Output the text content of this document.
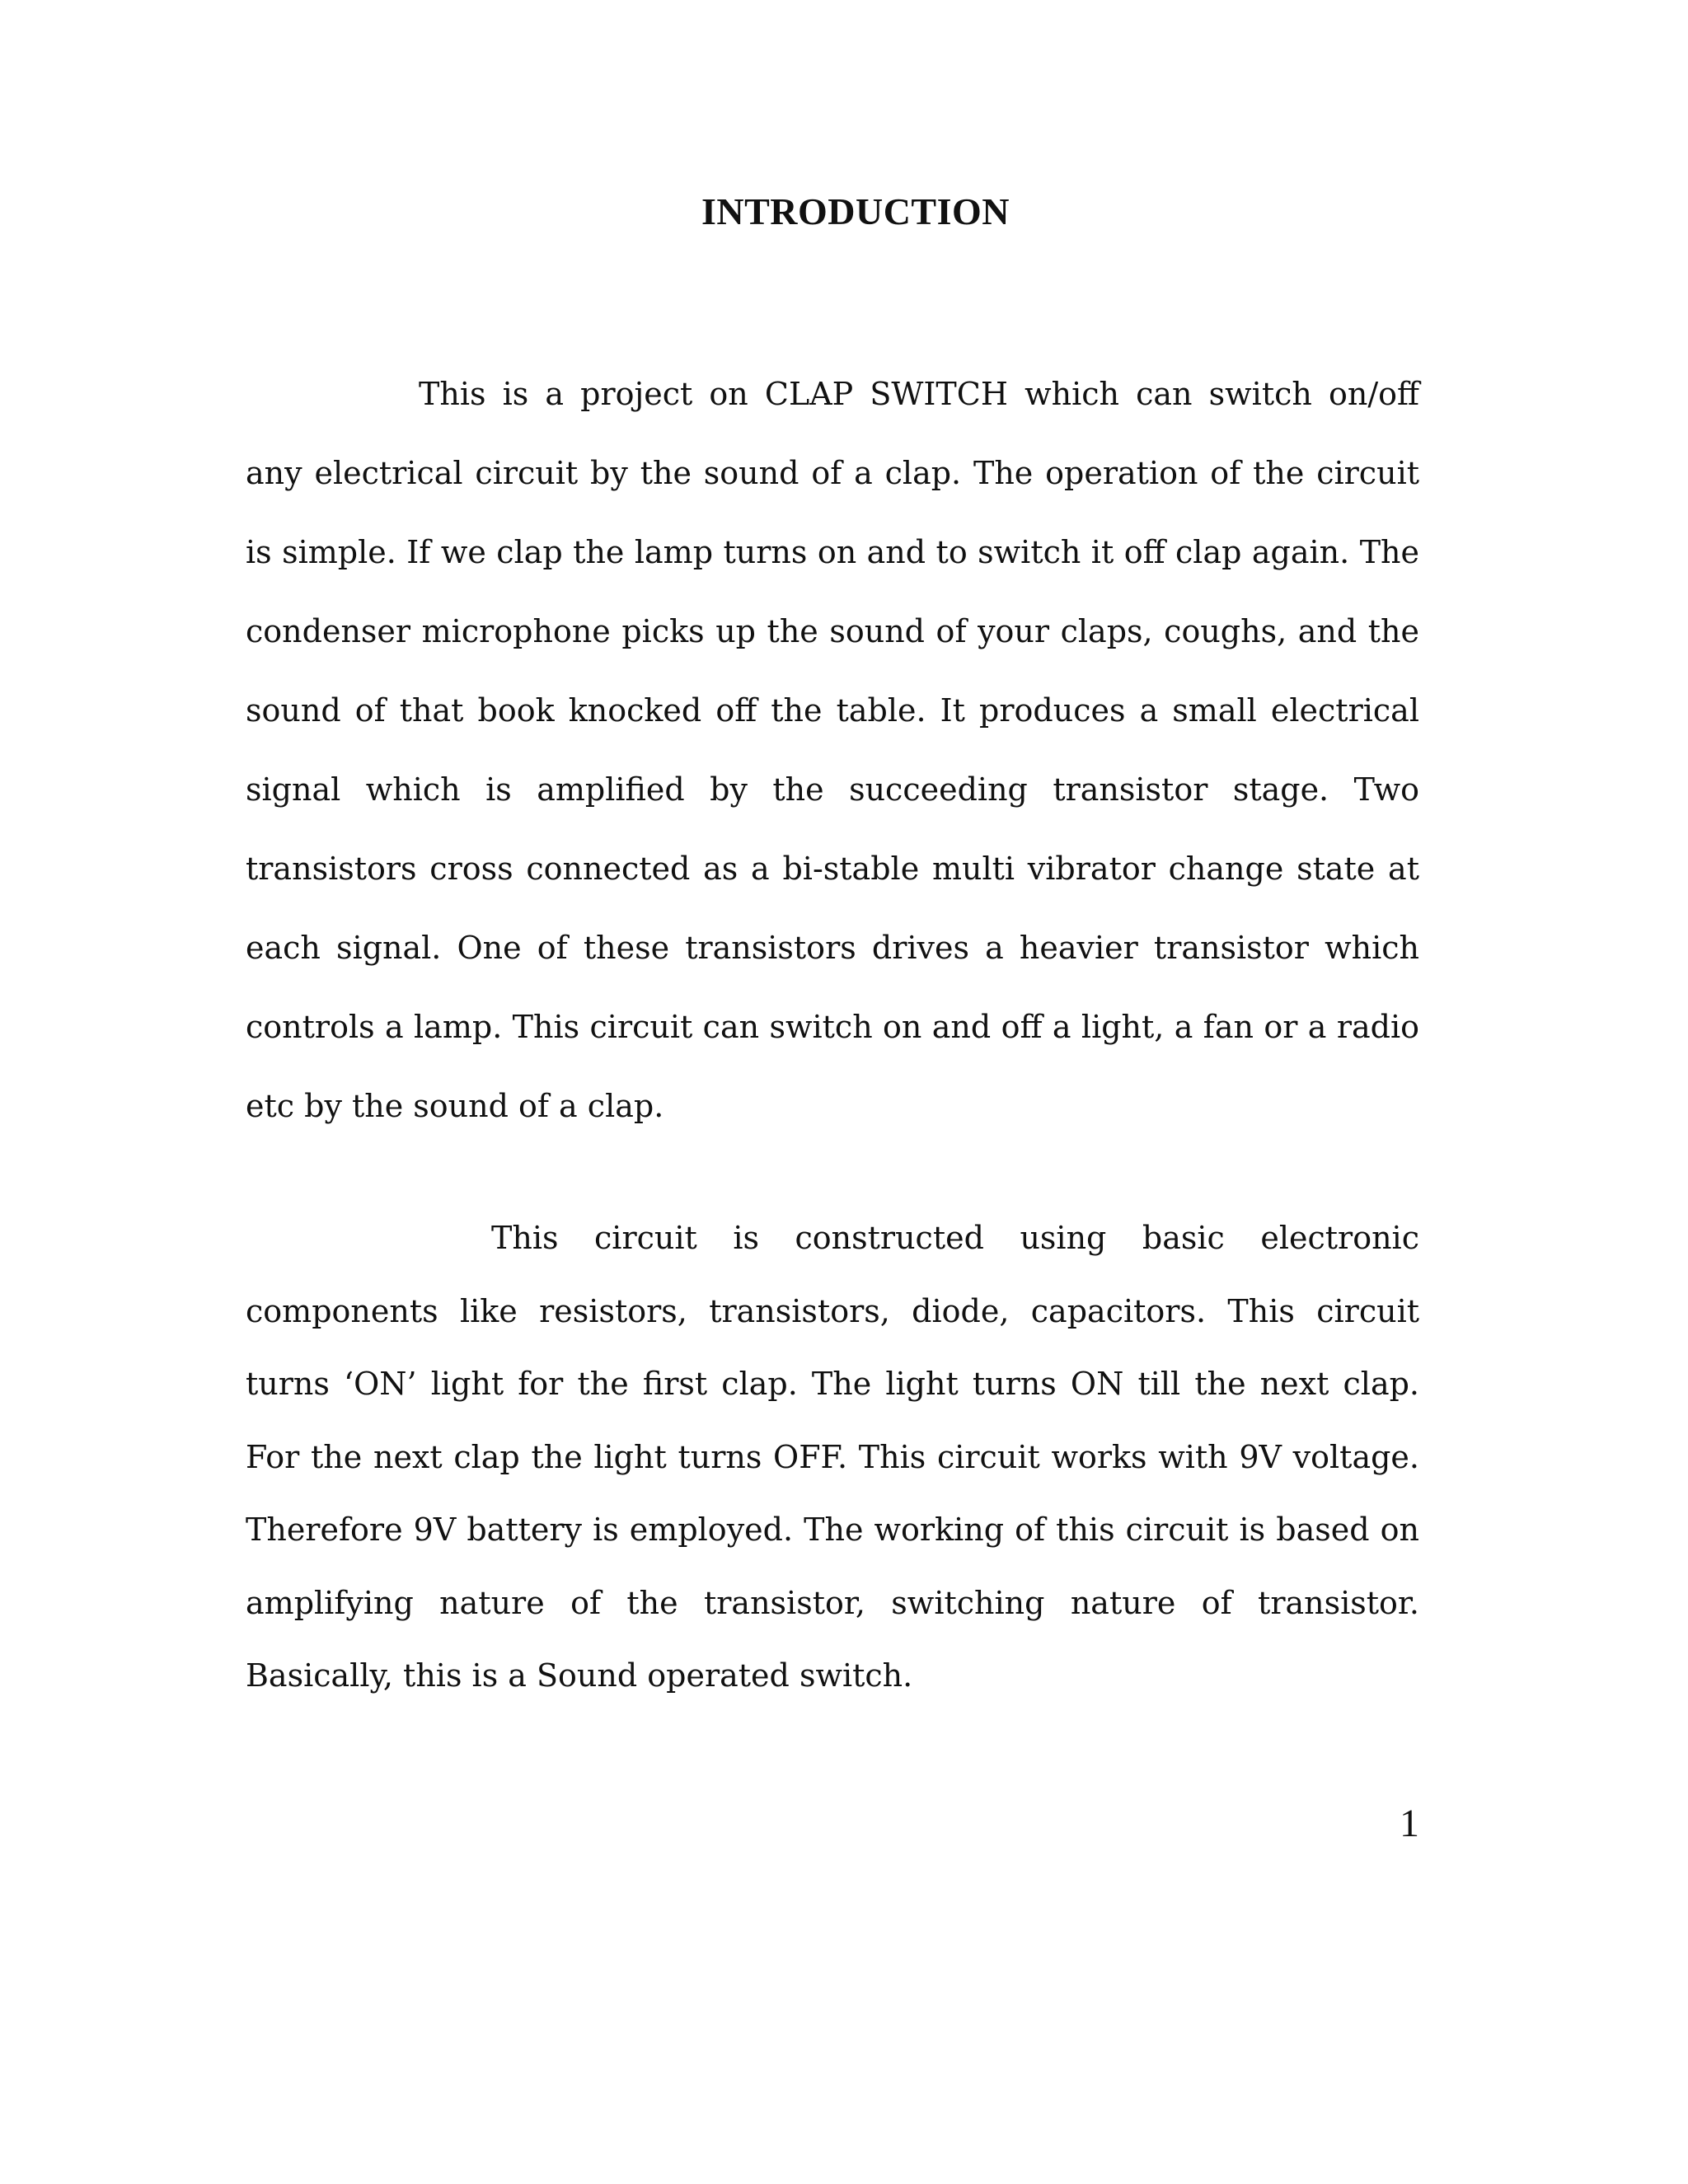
INTRODUCTION

This is a project on CLAP SWITCH which can switch on/off any electrical circuit by the sound of a clap. The operation of the circuit is simple. If we clap the lamp turns on and to switch it off clap again. The condenser microphone picks up the sound of your claps, coughs, and the sound of that book knocked off the table. It produces a small electrical signal which is amplified by the succeeding transistor stage. Two transistors cross connected as a bi-stable multi vibrator change state at each signal. One of these transistors drives a heavier transistor which controls a lamp. This circuit can switch on and off a light, a fan or a radio etc by the sound of a clap.

This circuit is constructed using basic electronic components like resistors, transistors, diode, capacitors. This circuit turns ‘ON’ light for the first clap. The light turns ON till the next clap. For the next clap the light turns OFF. This circuit works with 9V voltage. Therefore 9V battery is employed. The working of this circuit is based on amplifying nature of the transistor, switching nature of transistor. Basically, this is a Sound operated switch.

1
